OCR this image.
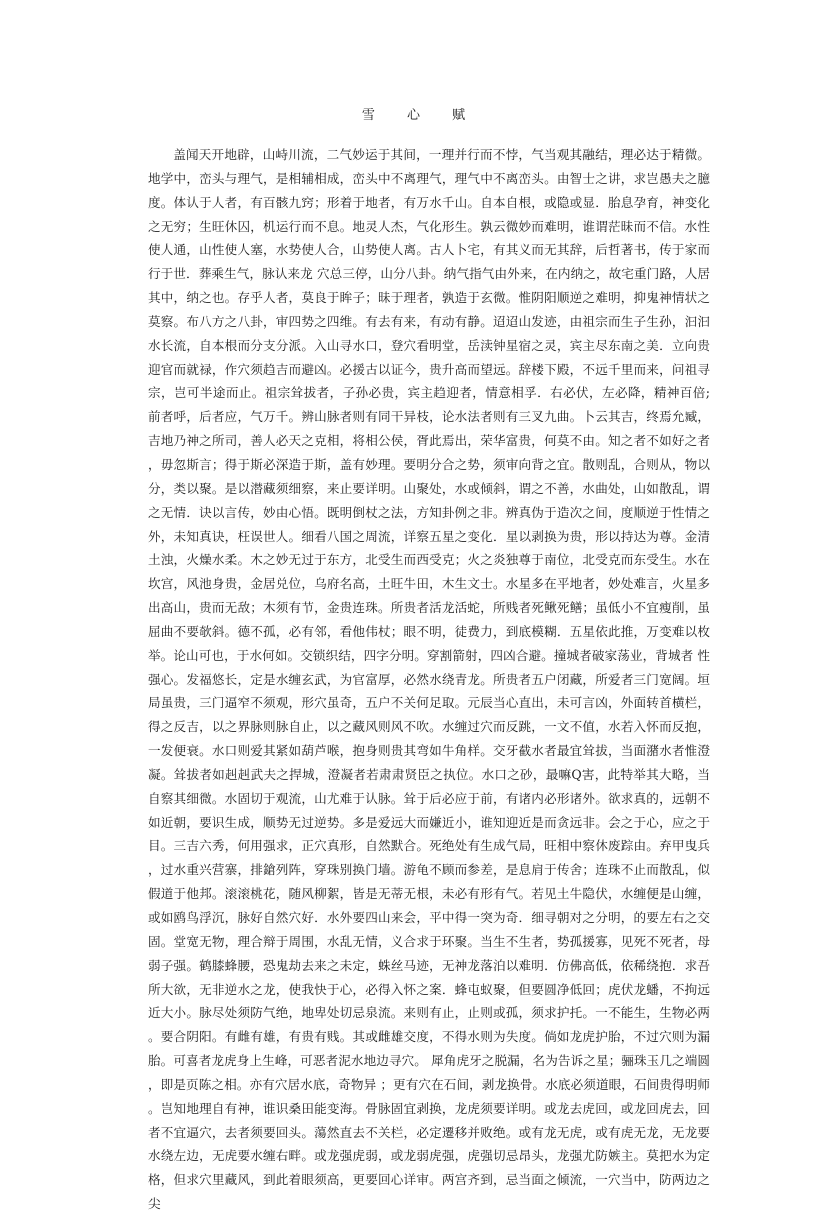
雪 心 赋

盖闻天开地辟，山峙川流，二气妙运于其间，一理并行而不悖，气当观其融结，理必达于精微。地学中，峦头与理气，是相辅相成，峦头中不离理气，理气中不离峦头。由智士之讲，求岂愚夫之臆度。体认于人者，有百骸九窍；形着于地者，有万水千山。自本自根，或隐或显．胎息孕育，神变化之无穷；生旺休囚，机运行而不息。地灵人杰，气化形生。孰云微妙而难明，谁谓茫昧而不信。水性使人通，山性使人塞，水势使人合，山势使人离。古人卜宅，有其义而无其辞，后哲著书，传于家而行于世．葬乘生气，脉认来龙 穴总三停，山分八卦。纳气指气由外来，在内纳之，故宅重门路，人居其中，纳之也。存乎人者，莫良于眸子；昧于理者，孰造于玄微。惟阴阳顺逆之难明，抑鬼神情状之莫察。布八方之八卦，审四势之四维。有去有来，有动有静。迢迢山发迹，由祖宗而生子生孙，汩汩水长流，自本根而分支分派。入山寻水口，登穴看明堂，岳渎钟星宿之灵，宾主尽东南之美．立向贵迎官而就禄，作穴须趋吉而避凶。必援古以证今，贵升高而望远。辞楼下殿，不远千里而来，问祖寻宗，岂可半途而止。祖宗耸拔者，子孙必贵，宾主趋迎者，情意相孚．右必伏，左必降，精神百倍; 前者呼，后者应，气万千。辨山脉者则有同干异枝，论水法者则有三叉九曲。卜云其吉，终焉允臧，吉地乃神之所司，善人必天之克相，将相公侯，胥此焉出，荣华富贵，何莫不由。知之者不如好之者，毋忽斯言；得于斯必深造于斯，盖有妙理。要明分合之势，须审向背之宜。散则乱，合则从，物以分，类以聚。是以潜藏须细察，来止要详明。山聚处，水或倾斜，谓之不善，水曲处，山如散乱，谓之无情．诀以言传，妙由心悟。既明倒杖之法，方知卦例之非。辨真伪于造次之间，度顺逆于性情之外，未知真诀，枉误世人。细看八国之周流，详察五星之变化．星以剥换为贵，形以持达为尊。金清土浊，火燥水柔。木之妙无过于东方，北受生而西受克；火之炎独尊于南位，北受克而东受生。水在坎宫，风池身贵，金居兑位，乌府名高，土旺牛田，木生文士。水星多在平地者，妙处难言，火星多出高山，贵而无敌；木须有节，金贵连珠。所贵者活龙活蛇，所贱者死鳅死鳝；虽低小不宜瘦削，虽屈曲不要欹斜。德不孤，必有邻，看他伟杖；眼不明，徒费力，到底模糊．五星依此推，万变难以枚举。论山可也，于水何如。交锁织结，四字分明。穿割箭射，四凶合避。撞城者破家荡业，背城者 性强心。发福悠长，定是水缠玄武，为官富厚，必然水绕青龙。所贵者五户闭藏，所爱者三门宽阔。垣局虽贵，三门逼窄不须观，形穴虽奇，五户不关何足取。元辰当心直出，未可言凶，外面转首横栏，得之反吉，以之界脉则脉自止，以之藏风则风不吹。水缠过穴而反跳，一文不值，水若入怀而反抱，一发便衰。水口则爱其紧如葫芦喉，抱身则贵其弯如牛角样。交牙截水者最宜耸拔，当面潴水者惟澄凝。耸拔者如赳赳武夫之捍城，澄凝者若肃肃贤臣之执位。水口之砂，最嘛Q害，此特举其大略，当自察其细微。水固切于观流，山尤难于认脉。耸于后必应于前，有诸内必形诸外。欲求真的，远朝不如近朝，要识生成，顺势无过逆势。多是爱远大而嫌近小，谁知迎近是而贪远非。会之于心，应之于目。三吉六秀，何用强求，正穴真形，自然默合。死绝处有生成气局，旺相中察休废踪由。弃甲曳兵，过水重兴营寨，排鎗列阵，穿珠别换门墙。游龟不顾而参差，是息肩于传舍；连珠不止而散乱，似假道于他邦。滚滚桃花，随风柳絮，皆是无蒂无根，未必有形有气。若见土牛隐伏，水缠便是山缠，或如鸥鸟浮沉，脉好自然穴好．水外要四山来会，平中得一突为奇．细寻朝对之分明，的要左右之交固。堂宽无物，理合辩于周围，水乱无情，义合求于环聚。当生不生者，势孤援寡，见死不死者，母弱子强。鹤膝蜂腰，恐鬼劫去来之未定，蛛丝马迹，无神龙落泊以难明．仿佛高低，依稀绕抱．求吾所大欲，无非逆水之龙，使我快于心，必得入怀之案．蜂屯蚁聚，但要圆净低回；虎伏龙蟠，不拘远近大小。脉尽处须防气绝，地卑处切忌泉流。来则有止，止则或孤，须求护托。一不能生，生物必两。要合阴阳。有雌有雄，有贵有贱。其或雌雄交度，不得水则为失度。倘如龙虎护胎，不过穴则为漏胎。可喜者龙虎身上生峰，可恶者泥水地边寻穴。 犀角虎牙之脱漏，名为告诉之星；骊珠玉几之端圆，即是页陈之相。亦有穴居水底，奇物异 ；更有穴在石间，剥龙换骨。水底必须道眼，石间贵得明师。岂知地理自有神，谁识桑田能变海。骨脉固宜剥换，龙虎须要详明。或龙去虎回，或龙回虎去，回者不宜逼穴，去者须要回头。蕩然直去不关栏，必定遷移并败绝。或有龙无虎，或有虎无龙，无龙要水绕左边，无虎要水缠右畔。或龙强虎弱，或龙弱虎强，虎强切忌昂头，龙强尤防嫉主。莫把水为定格，但求穴里藏风，到此着眼须高，更要回心详审。两宫齐到，忌当面之倾流，一穴当中，防两边之尖
